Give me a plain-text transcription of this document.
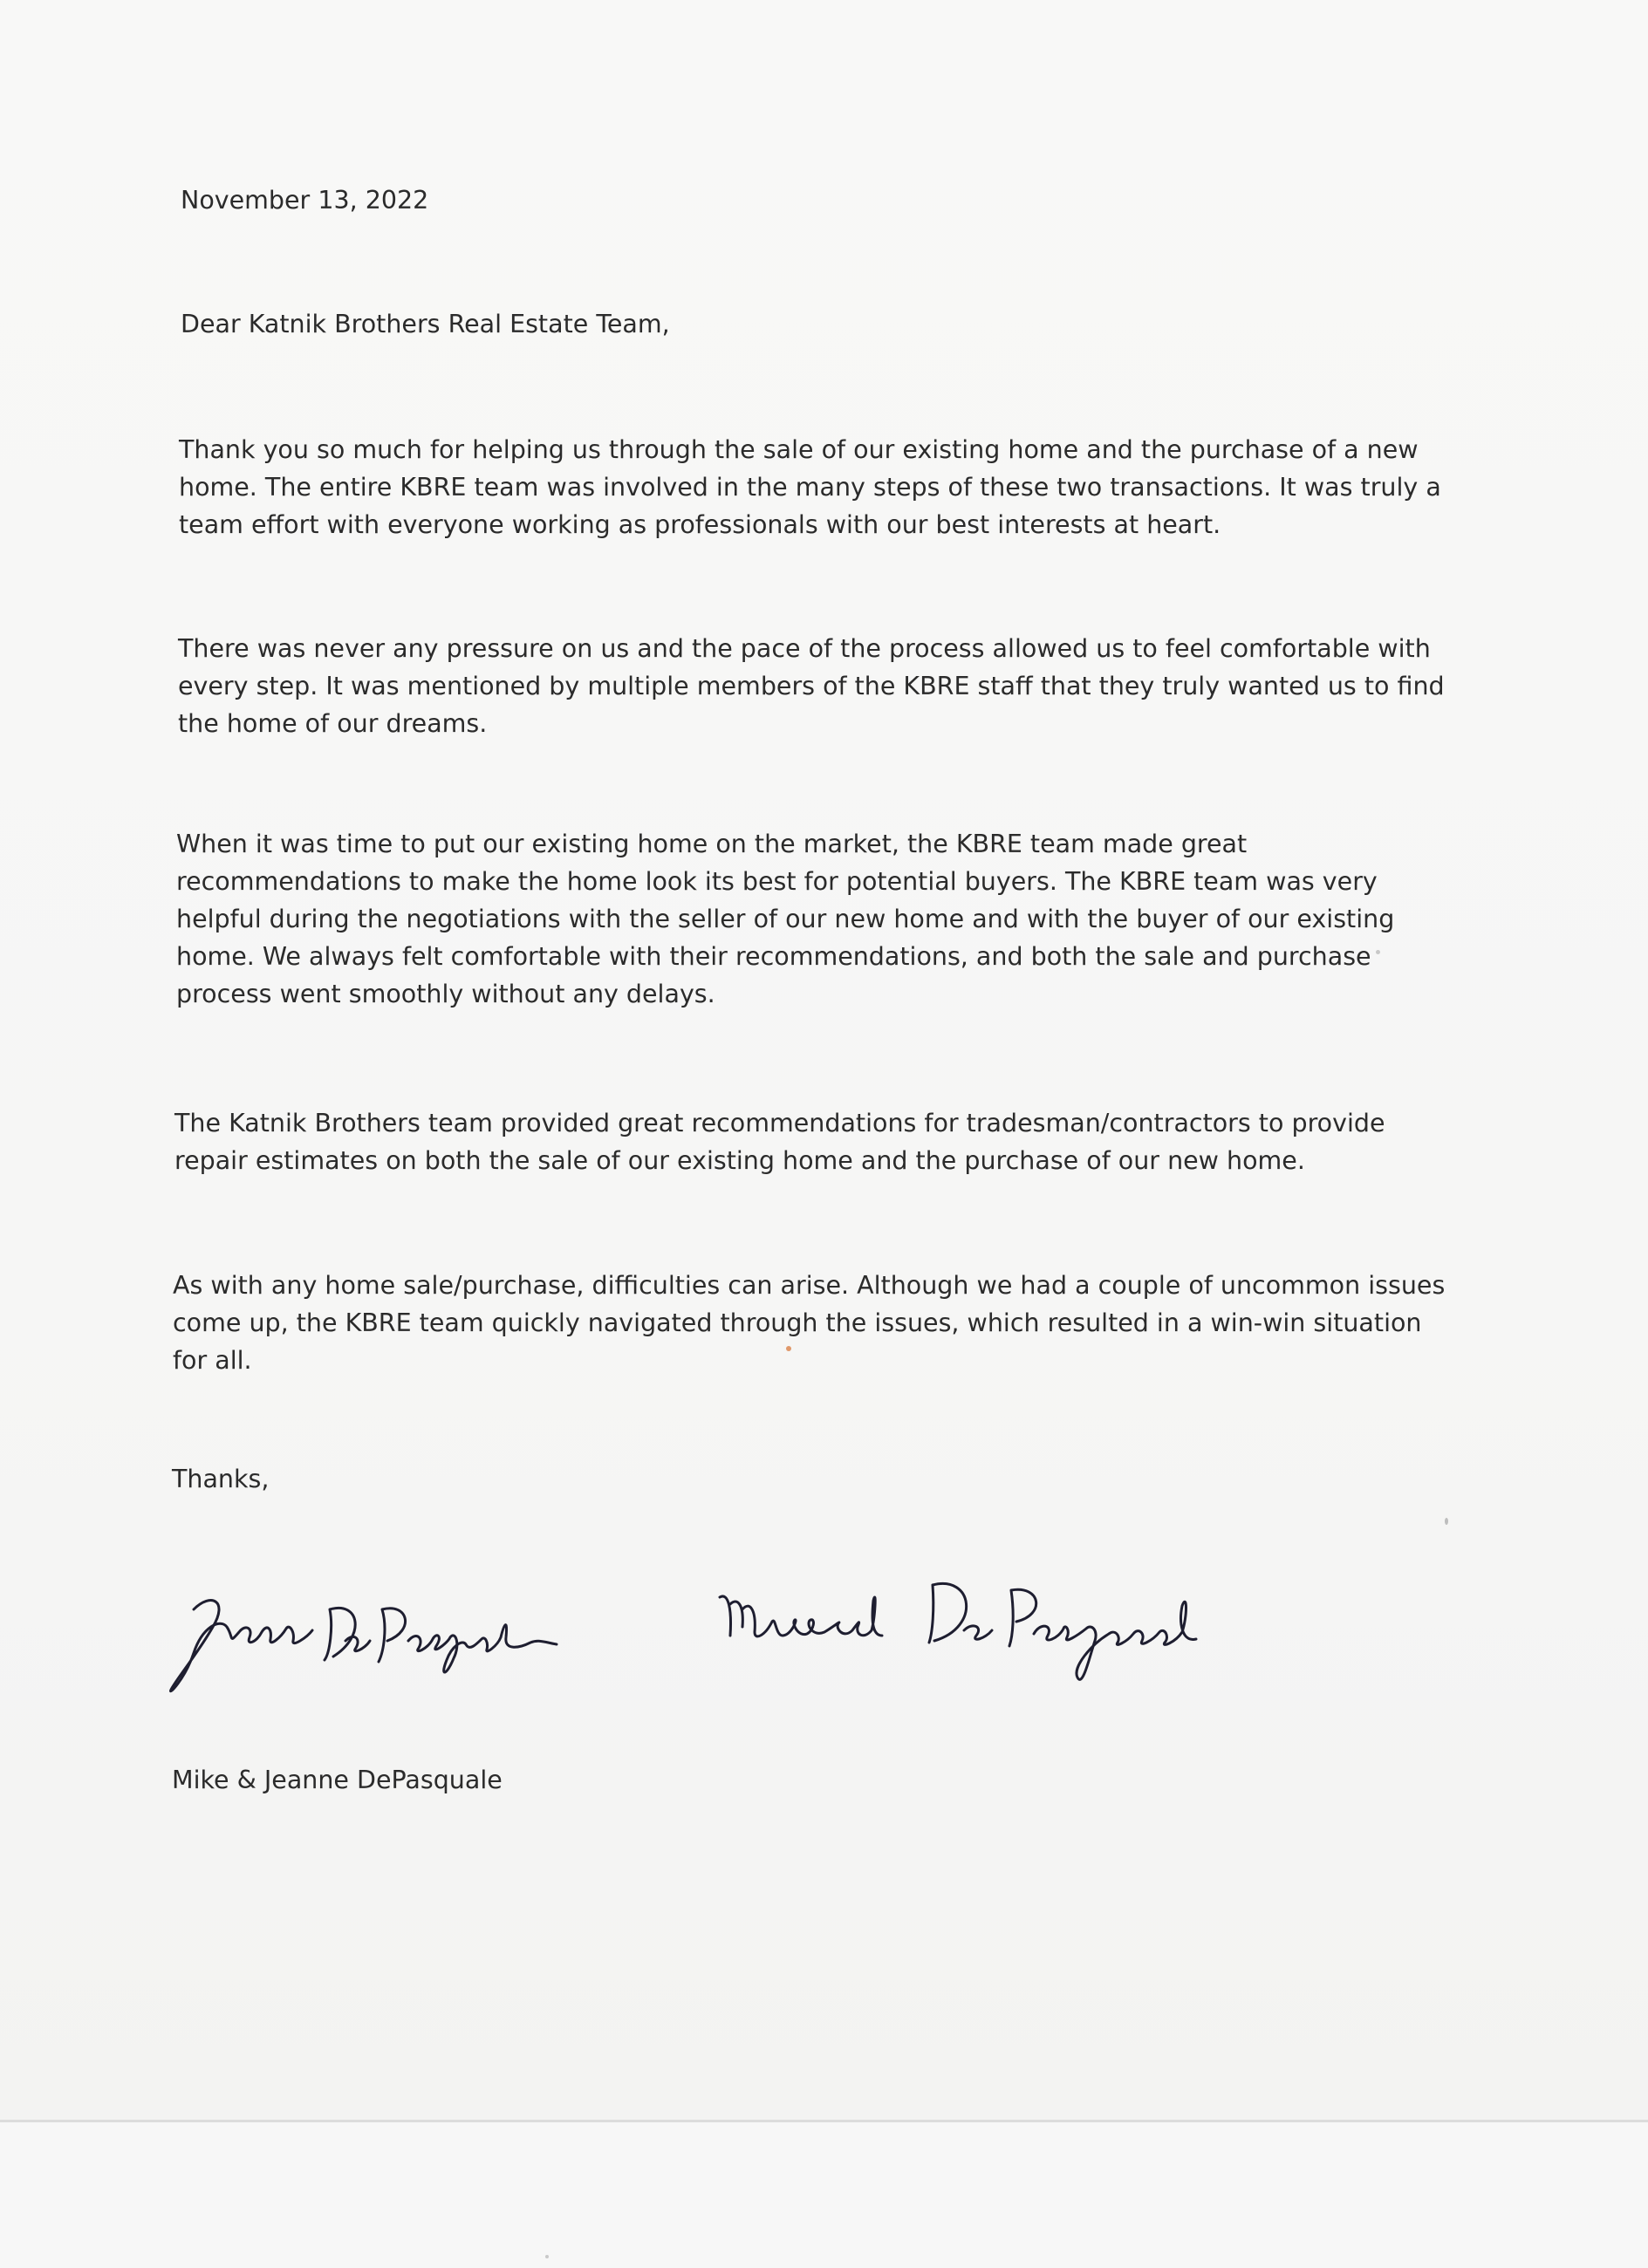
November 13, 2022

Dear Katnik Brothers Real Estate Team,

Thank you so much for helping us through the sale of our existing home and the purchase of a new home. The entire KBRE team was involved in the many steps of these two transactions. It was truly a team effort with everyone working as professionals with our best interests at heart.

There was never any pressure on us and the pace of the process allowed us to feel comfortable with every step. It was mentioned by multiple members of the KBRE staff that they truly wanted us to find the home of our dreams.

When it was time to put our existing home on the market, the KBRE team made great recommendations to make the home look its best for potential buyers. The KBRE team was very helpful during the negotiations with the seller of our new home and with the buyer of our existing home. We always felt comfortable with their recommendations, and both the sale and purchase process went smoothly without any delays.

The Katnik Brothers team provided great recommendations for tradesman/contractors to provide repair estimates on both the sale of our existing home and the purchase of our new home.

As with any home sale/purchase, difficulties can arise. Although we had a couple of uncommon issues come up, the KBRE team quickly navigated through the issues, which resulted in a win-win situation for all.

Thanks,

Mike & Jeanne DePasquale
